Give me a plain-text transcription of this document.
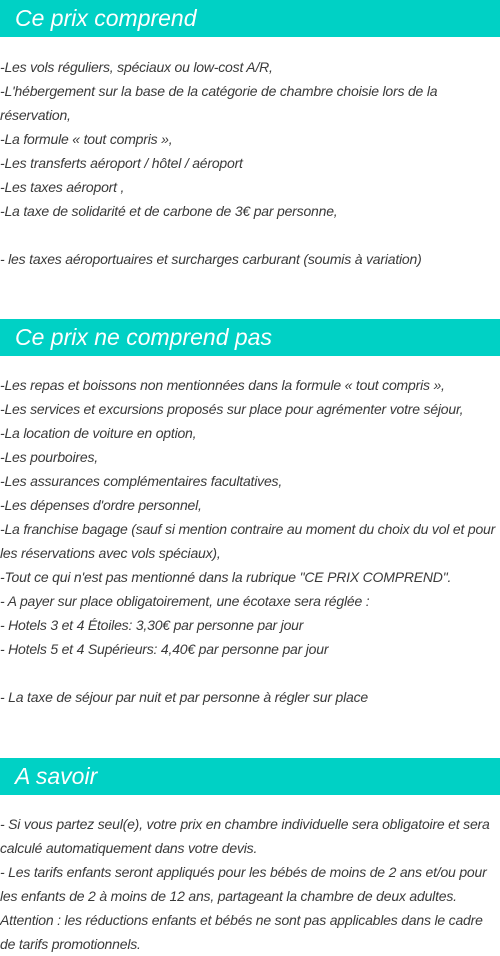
Ce prix comprend
-Les vols réguliers, spéciaux ou low-cost A/R,
-L'hébergement sur la base de la catégorie de chambre choisie lors de la réservation,
-La formule « tout compris »,
-Les transferts aéroport / hôtel / aéroport
-Les taxes aéroport ,
-La taxe de solidarité et de carbone de 3€ par personne,
- les taxes aéroportuaires et surcharges carburant (soumis à variation)
Ce prix ne comprend pas
-Les repas et boissons non mentionnées dans la formule « tout compris »,
-Les services et excursions proposés sur place pour agrémenter votre séjour,
-La location de voiture en option,
-Les pourboires,
-Les assurances complémentaires facultatives,
-Les dépenses d'ordre personnel,
-La franchise bagage (sauf si mention contraire au moment du choix du vol et pour les réservations avec vols spéciaux),
-Tout ce qui n'est pas mentionné dans la rubrique "CE PRIX COMPREND".
- A payer sur place obligatoirement, une écotaxe sera réglée :
- Hotels 3 et 4 Étoiles: 3,30€ par personne par jour
- Hotels 5 et 4 Supérieurs: 4,40€ par personne par jour
- La taxe de séjour par nuit et par personne à régler sur place
A savoir
- Si vous partez seul(e), votre prix en chambre individuelle sera obligatoire et sera calculé automatiquement dans votre devis.
- Les tarifs enfants seront appliqués pour les bébés de moins de 2 ans et/ou pour les enfants de 2 à moins de 12 ans, partageant la chambre de deux adultes.
Attention : les réductions enfants et bébés ne sont pas applicables dans le cadre de tarifs promotionnels.
